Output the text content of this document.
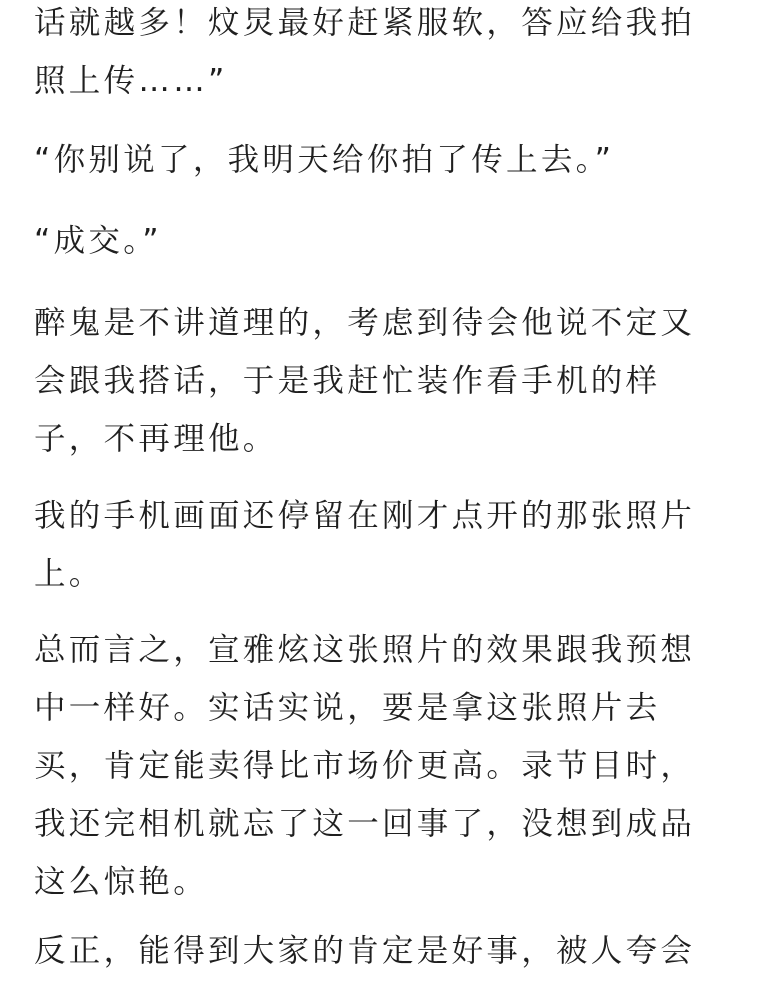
话就越多！炆炅最好赶紧服软，答应给我拍
照上传……”

“你别说了，我明天给你拍了传上去。”

“成交。”

醉鬼是不讲道理的，考虑到待会他说不定又
会跟我搭话，于是我赶忙装作看手机的样
子，不再理他。

我的手机画面还停留在刚才点开的那张照片
上。

总而言之，宣雅炫这张照片的效果跟我预想
中一样好。实话实说，要是拿这张照片去
买，肯定能卖得比市场价更高。录节目时，
我还完相机就忘了这一回事了，没想到成品
这么惊艳。

反正，能得到大家的肯定是好事，被人夸会
